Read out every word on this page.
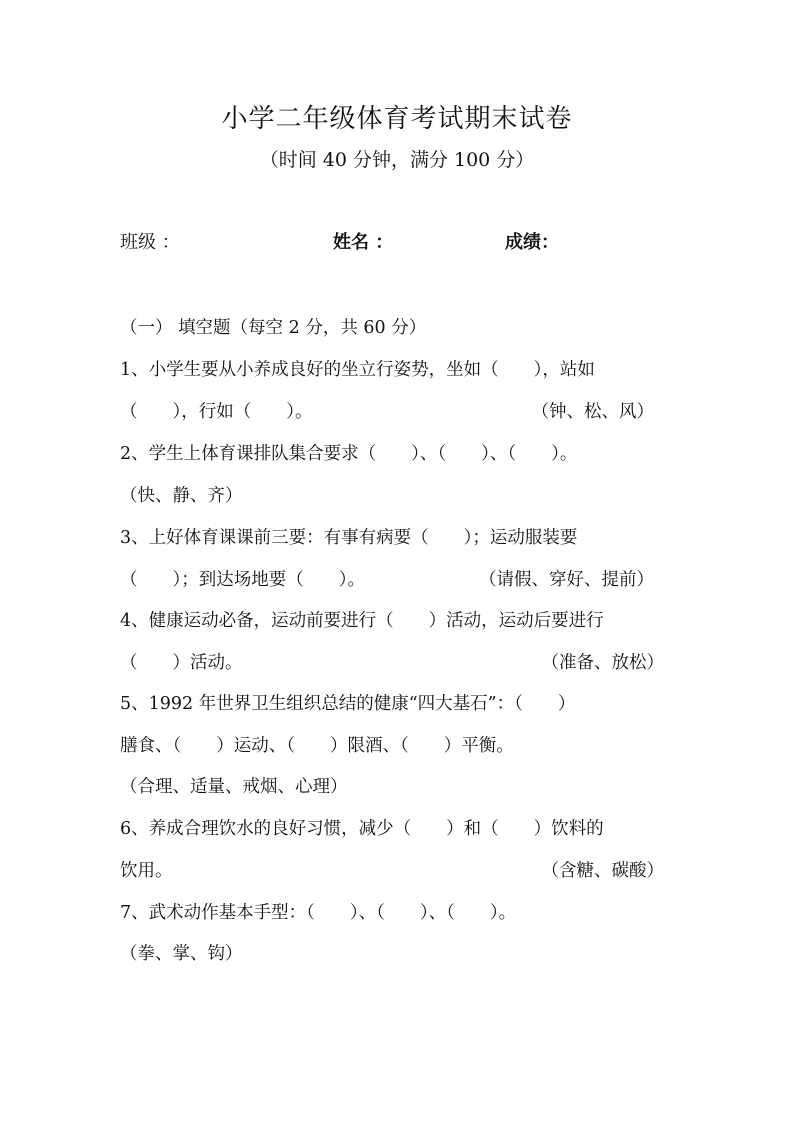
小学二年级体育考试期末试卷
（时间 40 分钟，满分 100 分）
班级 ：	姓名 ：	成绩：
（一） 填空题（每空 2 分，共 60 分）
1、小学生要从小养成良好的坐立行姿势，坐如（　　），站如
（　　），行如（　　）。	（钟、松、风）
2、学生上体育课排队集合要求（　　）、（　　）、（　　）。
（快、静、齐）
3、上好体育课课前三要：有事有病要（　　）；运动服装要
（　　）；到达场地要（　　）。	（请假、穿好、提前）
4、健康运动必备，运动前要进行（　　）活动，运动后要进行
（　　）活动。	（准备、放松）
5、1992 年世界卫生组织总结的健康“四大基石”：（　　）
膳食、（　　）运动、（　　）限酒、（　　）平衡。
（合理、适量、戒烟、心理）
6、养成合理饮水的良好习惯，减少（　　）和（　　）饮料的
饮用。	（含糖、碳酸）
7、武术动作基本手型：（　　）、（　　）、（　　）。
（拳、掌、钩）
